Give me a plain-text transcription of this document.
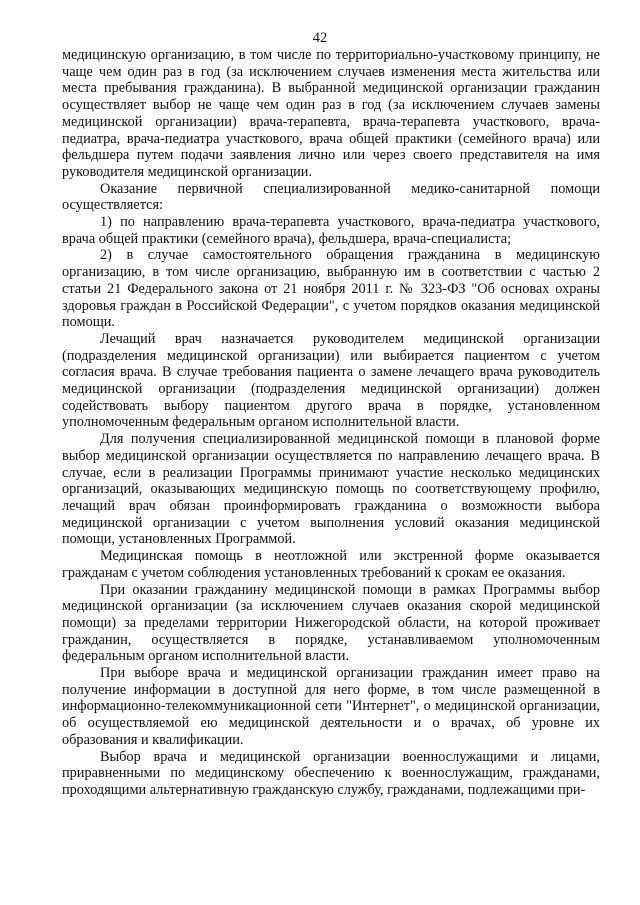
42

медицинскую организацию, в том числе по территориально-участковому принципу, не чаще чем один раз в год (за исключением случаев изменения места жительства или места пребывания гражданина). В выбранной медицинской организации гражданин осуществляет выбор не чаще чем один раз в год (за исключением случаев замены медицинской организации) врача-терапевта, врача-терапевта участкового, врача-педиатра, врача-педиатра участкового, врача общей практики (семейного врача) или фельдшера путем подачи заявления лично или через своего представителя на имя руководителя медицинской организации.

Оказание первичной специализированной медико-санитарной помощи осуществляется:

1) по направлению врача-терапевта участкового, врача-педиатра участкового, врача общей практики (семейного врача), фельдшера, врача-специалиста;

2) в случае самостоятельного обращения гражданина в медицинскую организацию, в том числе организацию, выбранную им в соответствии с частью 2 статьи 21 Федерального закона от 21 ноября 2011 г. № 323-ФЗ "Об основах охраны здоровья граждан в Российской Федерации", с учетом порядков оказания медицинской помощи.

Лечащий врач назначается руководителем медицинской организации (подразделения медицинской организации) или выбирается пациентом с учетом согласия врача. В случае требования пациента о замене лечащего врача руководитель медицинской организации (подразделения медицинской организации) должен содействовать выбору пациентом другого врача в порядке, установленном уполномоченным федеральным органом исполнительной власти.

Для получения специализированной медицинской помощи в плановой форме выбор медицинской организации осуществляется по направлению лечащего врача. В случае, если в реализации Программы принимают участие несколько медицинских организаций, оказывающих медицинскую помощь по соответствующему профилю, лечащий врач обязан проинформировать гражданина о возможности выбора медицинской организации с учетом выполнения условий оказания медицинской помощи, установленных Программой.

Медицинская помощь в неотложной или экстренной форме оказывается гражданам с учетом соблюдения установленных требований к срокам ее оказания.

При оказании гражданину медицинской помощи в рамках Программы выбор медицинской организации (за исключением случаев оказания скорой медицинской помощи) за пределами территории Нижегородской области, на которой проживает гражданин, осуществляется в порядке, устанавливаемом уполномоченным федеральным органом исполнительной власти.

При выборе врача и медицинской организации гражданин имеет право на получение информации в доступной для него форме, в том числе размещенной в информационно-телекоммуникационной сети "Интернет", о медицинской организации, об осуществляемой ею медицинской деятельности и о врачах, об уровне их образования и квалификации.

Выбор врача и медицинской организации военнослужащими и лицами, приравненными по медицинскому обеспечению к военнослужащим, гражданами, проходящими альтернативную гражданскую службу, гражданами, подлежащими при-
